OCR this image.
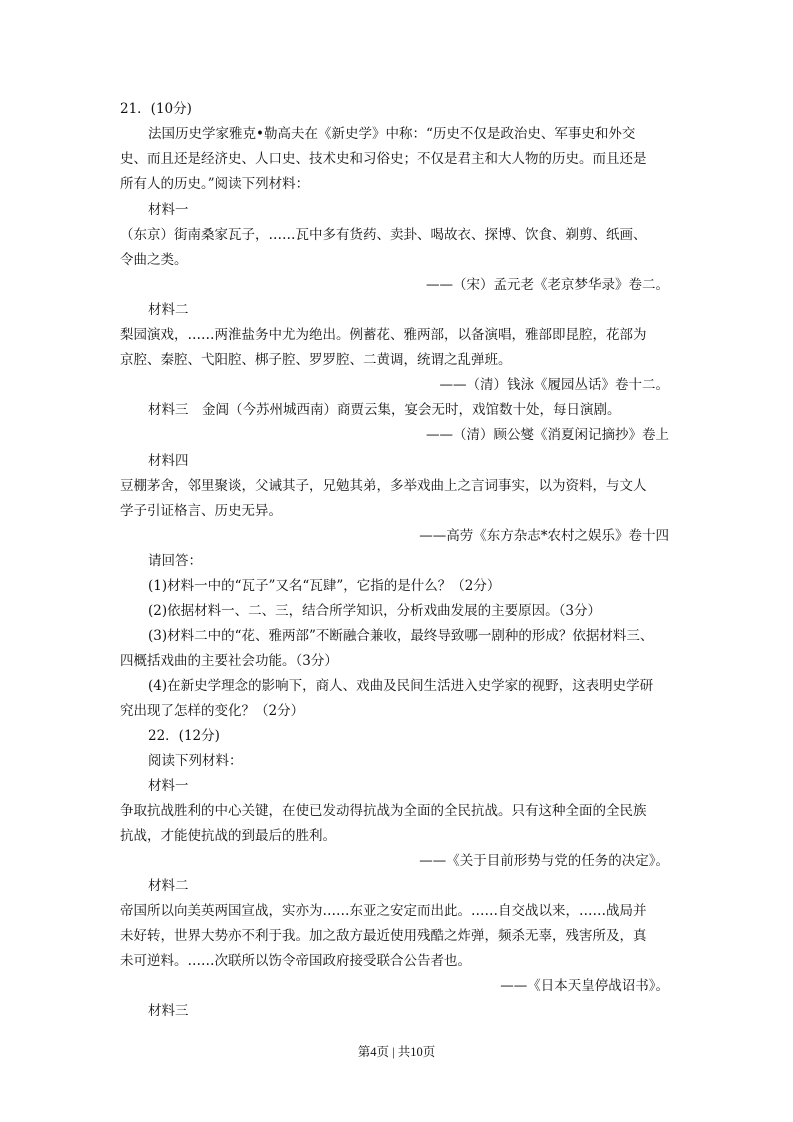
21．(10分)
法国历史学家雅克•勒高夫在《新史学》中称：“历史不仅是政治史、军事史和外交
史、而且还是经济史、人口史、技术史和习俗史；不仅是君主和大人物的历史。而且还是
所有人的历史。”阅读下列材料：
材料一
（东京）街南桑家瓦子，……瓦中多有货药、卖卦、喝故衣、探博、饮食、剃剪、纸画、
令曲之类。
——（宋）孟元老《老京梦华录》卷二。
材料二
梨园演戏，……两淮盐务中尤为绝出。例蓄花、雅两部，以备演唱，雅部即昆腔，花部为
京腔、秦腔、弋阳腔、梆子腔、罗罗腔、二黄调，统谓之乱弹班。
——（清）钱泳《履园丛话》卷十二。
材料三　金阊（今苏州城西南）商贾云集，宴会无时，戏馆数十处，每日演剧。
——（清）顾公燮《消夏闲记摘抄》卷上
材料四
豆棚茅舍，邻里聚谈，父诫其子，兄勉其弟，多举戏曲上之言词事实，以为资料，与文人
学子引证格言、历史无异。
——高劳《东方杂志*农村之娱乐》卷十四
请回答：
(1)材料一中的“瓦子”又名“瓦肆”，它指的是什么？（2分）
(2)依据材料一、二、三，结合所学知识，分析戏曲发展的主要原因。（3分）
(3)材料二中的“花、雅两部”不断融合兼收，最终导致哪一剧种的形成？依据材料三、
四概括戏曲的主要社会功能。（3分）
(4)在新史学理念的影响下，商人、戏曲及民间生活进入史学家的视野，这表明史学研
究出现了怎样的变化？（2分）
22．(12分)
阅读下列材料：
材料一
争取抗战胜利的中心关键，在使已发动得抗战为全面的全民抗战。只有这种全面的全民族
抗战，才能使抗战的到最后的胜利。
——《关于目前形势与党的任务的决定》。
材料二
帝国所以向美英两国宣战，实亦为……东亚之安定而出此。……自交战以来，……战局并
未好转，世界大势亦不利于我。加之敌方最近使用残酷之炸弹，频杀无辜，残害所及，真
未可逆料。……次联所以饬令帝国政府接受联合公告者也。
——《日本天皇停战诏书》。
材料三
第4页 | 共10页
